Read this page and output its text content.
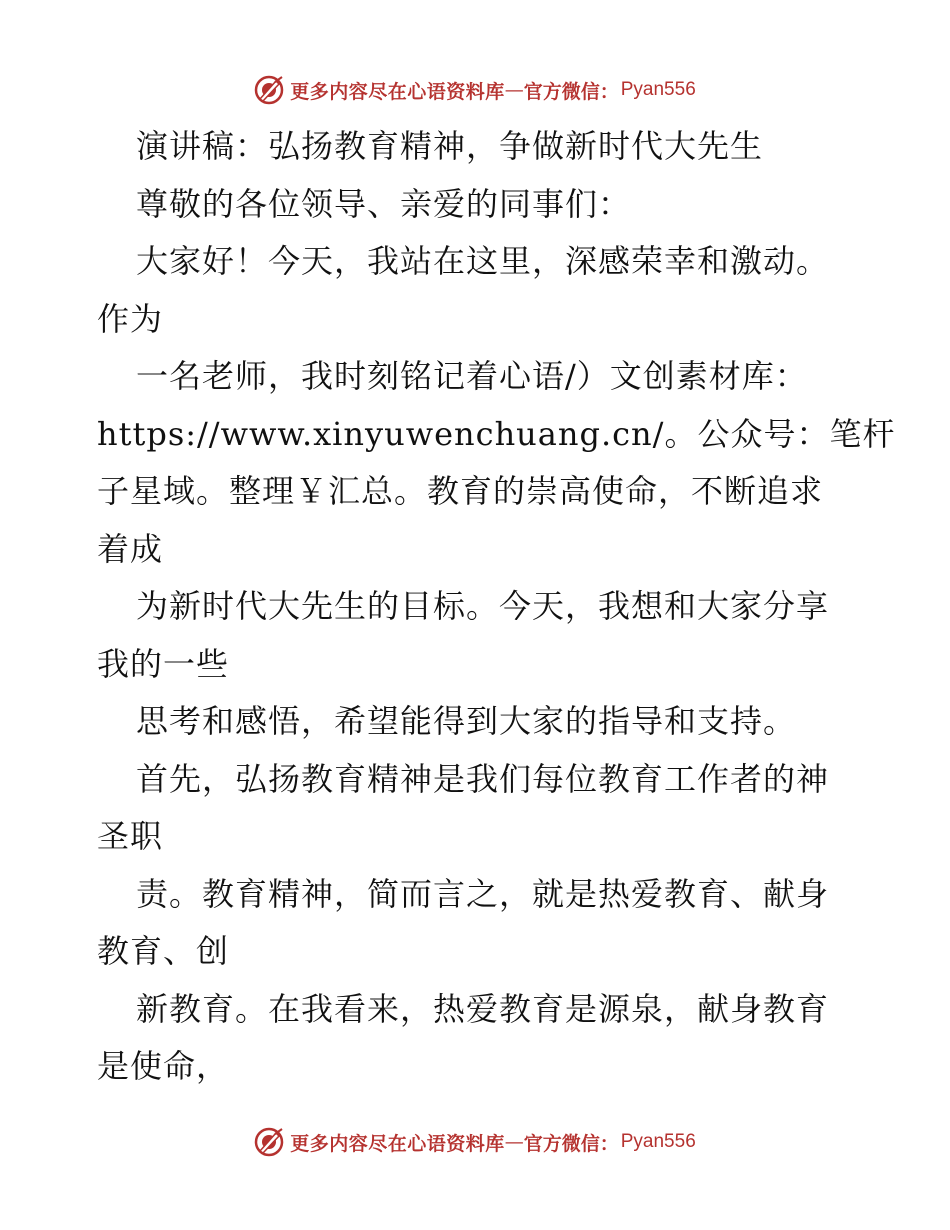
更多内容尽在心语资料库 — 官方微信： Pyan556
演讲稿：弘扬教育精神，争做新时代大先生
尊敬的各位领导、亲爱的同事们：
大家好！今天，我站在这里，深感荣幸和激动。
作为
一名老师，我时刻铭记着心语/）文创素材库：
https://www.xinyuwenchuang.cn/。公众号：笔杆
子星域。整理￥汇总。教育的崇高使命，不断追求
着成
为新时代大先生的目标。今天，我想和大家分享
我的一些
思考和感悟，希望能得到大家的指导和支持。
首先，弘扬教育精神是我们每位教育工作者的神
圣职
责。教育精神，简而言之，就是热爱教育、献身
教育、创
新教育。在我看来，热爱教育是源泉，献身教育
是使命，
更多内容尽在心语资料库 — 官方微信： Pyan556
